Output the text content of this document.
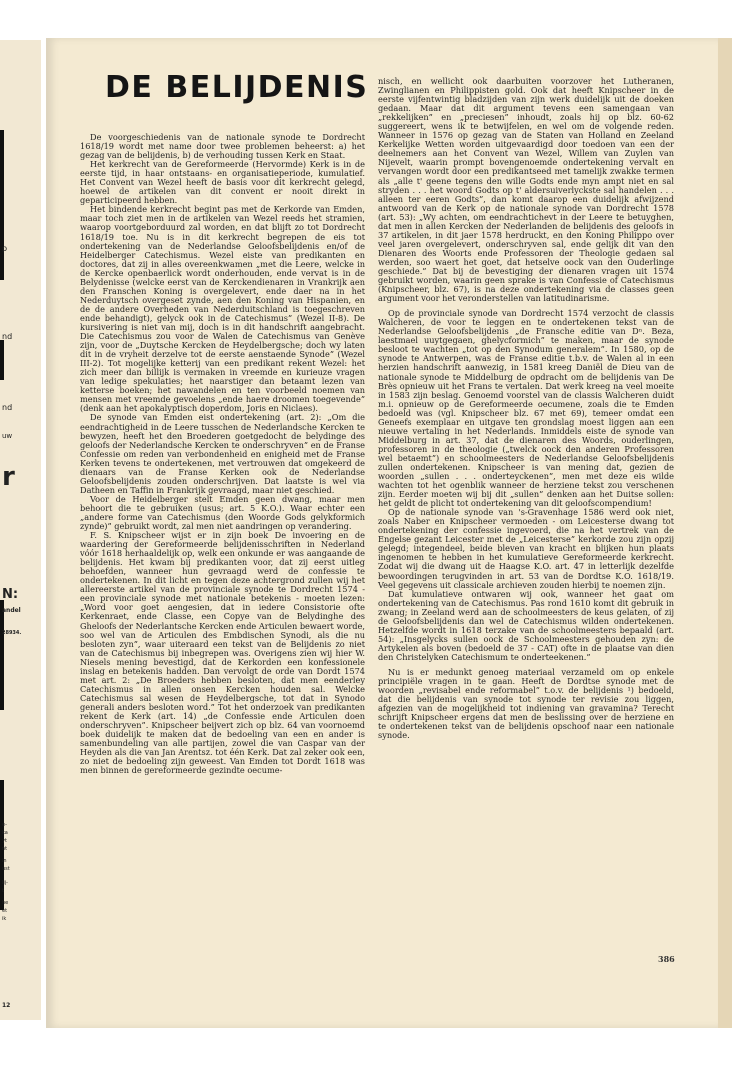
p
nd
nd
uw
r
N:
andel
28934.
e-
ka
yt
nt
in
ust
lij-
t
he
et
ik
12
DE BELIJDENIS

De voorgeschiedenis van de nationale synode te Dordrecht 1618/19 wordt met name door twee problemen beheerst: a) het gezag van de belijdenis, b) de verhouding tussen Kerk en Staat.

Het kerkrecht van de Gereformeerde (Hervormde) Kerk is in de eerste tijd, in haar ontstaans- en organisatieperiode, kumulatief. Het Convent van Wezel heeft de basis voor dit kerkrecht gelegd, hoewel de artikelen van dit convent er nooit direkt in geparticipeerd hebben.

Het bindende kerkrecht begint pas met de Kerkorde van Emden, maar toch ziet men in de artikelen van Wezel reeds het stramien, waarop voortgeborduurd zal worden, en dat blijft zo tot Dordrecht 1618/19 toe. Nu is in dit kerkrecht begrepen de eis tot ondertekening van de Nederlandse Geloofsbelijdenis en/of de Heidelberger Catechismus. Wezel eiste van predikanten en doctores, dat zij in alles overeenkwamen „met die Leere, welcke in de Kercke openbaerlick wordt onderhouden, ende vervat is in de Belydenisse (welcke eerst van de Kerckendienaren in Vrankrijk aen den Franschen Koning is overgelevert, ende daer na in het Nederduytsch overgeset zynde, aen den Koning van Hispanien, en de de andere Overheden van Nederduitschland is toegeschreven ende behandigt), gelyck ook in de Catechismus” (Wezel II-8). De kursivering is niet van mij, doch is in dit handschrift aangebracht. Die Catechismus zou voor de Walen de Catechismus van Genève zijn, voor de „Duytsche Kercken de Heydelbergsche; doch wy laten dit in de vryheit derzelve tot de eerste aenstaende Synode” (Wezel III-2). Tot mogelijke ketterij van een predikant rekent Wezel: het zich meer dan billijk is vermaken in vreemde en kurieuze vragen van ledige spekulaties; het naarstiger dan betaamt lezen van ketterse boeken; het nawandelen en ten voorbeeld noemen van mensen met vreemde gevoelens „ende haere droomen toegevende” (denk aan het apokalyptisch doperdom, Joris en Niclaes).

De synode van Emden eist ondertekening (art. 2): „Om die eendrachtigheid in de Leere tusschen de Nederlandsche Kercken te bewyzen, heeft het den Broederen goetgedocht de belydinge des geloofs der Nederlandsche Kercken te onderschryven” en de Franse Confessie om reden van verbondenheid en enigheid met de Franse Kerken tevens te ondertekenen, met vertrouwen dat omgekeerd de dienaars van de Franse Kerken ook de Nederlandse Geloofsbelijdenis zouden onderschrijven. Dat laatste is wel via Datheen en Taffin in Frankrijk gevraagd, maar niet geschied.

Voor de Heidelberger stelt Emden geen dwang, maar men behoort die te gebruiken (usus; art. 5 K.O.). Waar echter een „andere forme van Catechismus (den Woorde Gods gelykformich zynde)” gebruikt wordt, zal men niet aandringen op verandering.

F. S. Knipscheer wijst er in zijn boek De invoering en de waardering der Gereformeerde belijdenisschriften in Nederland vóór 1618 herhaaldelijk op, welk een onkunde er was aangaande de belijdenis. Het kwam bij predikanten voor, dat zij eerst uitleg behoefden, wanneer hun gevraagd werd de confessie te ondertekenen. In dit licht en tegen deze achtergrond zullen wij het allereerste artikel van de provinciale synode te Dordrecht 1574 - een provinciale synode met nationale betekenis - moeten lezen: „Word voor goet aengesien, dat in iedere Consistorie ofte Kerkenraet, ende Classe, een Copye van de Belydinghe des Gheloofs der Nederlantsche Kercken ende Articulen bewaert worde, soo wel van de Articulen des Embdischen Synodi, als die nu besloten zyn”, waar uiteraard een tekst van de Belijdenis zo niet van de Catechismus bij inbegrepen was. Overigens zien wij hier W. Niesels mening bevestigd, dat de Kerkorden een konfessionele inslag en betekenis hadden. Dan vervolgt de orde van Dordt 1574 met art. 2: „De Broeders hebben besloten, dat men eenderley Catechismus in allen onsen Kercken houden sal. Welcke Catechismus sal wesen de Heydelbergsche, tot dat in Synodo generali anders besloten word.” Tot het onderzoek van predikanten rekent de Kerk (art. 14) „de Confessie ende Articulen doen onderschryven”. Knipscheer beijvert zich op blz. 64 van voornoemd boek duidelijk te maken dat de bedoeling van een en ander is samenbundeling van alle partijen, zowel die van Caspar van der Heyden als die van Jan Arentsz. tot één Kerk. Dat zal zeker ook een, zo niet de bedoeling zijn geweest. Van Emden tot Dordt 1618 was men binnen de gereformeerde gezindte oecume-

nisch, en wellicht ook daarbuiten voorzover het Lutheranen, Zwinglianen en Philippisten gold. Ook dat heeft Knipscheer in de eerste vijfentwintig bladzijden van zijn werk duidelijk uit de doeken gedaan. Maar dat dit argument tevens een samengaan van „rekkelijken” en „preciesen” inhoudt, zoals hij op blz. 60-62 suggereert, wens ik te betwijfelen, en wel om de volgende reden. Wanneer in 1576 op gezag van de Staten van Holland en Zeeland Kerkelijke Wetten worden uitgevaardigd door toedoen van een der deelnemers aan het Convent van Wezel, Willem van Zuylen van Nijevelt, waarin prompt bovengenoemde ondertekening vervalt en vervangen wordt door een predikantseed met tamelijk zwakke termen als „alle t' geene tegens den wille Godts ende myn ampt niet en sal stryden . . . het woord Godts op t' aldersuiverlyckste sal handelen . . . alleen ter eeren Godts”, dan komt daarop een duidelijk afwijzend antwoord van de Kerk op de nationale synode van Dordrecht 1578 (art. 53): „Wy achten, om eendrachtichevt in der Leere te betuyghen, dat men in allen Kercken der Nederlanden de belijdenis des geloofs in 37 artikelen, in dit jaer 1578 herdruckt, en den Koning Philippo over veel jaren overgelevert, onderschryven sal, ende gelijk dit van den Dienaren des Woorts ende Professoren der Theologie gedaen sal werden, soo waert het goet, dat hetselve oock van den Ouderlinge geschiede.” Dat bij de bevestiging der dienaren vragen uit 1574 gebruikt worden, waarin geen sprake is van Confessie of Catechismus (Knipscheer, blz. 67), is na deze ondertekening via de classes geen argument voor het veronderstellen van latitudinarisme.

Op de provinciale synode van Dordrecht 1574 verzocht de classis Walcheren, de voor te leggen en te ondertekenen tekst van de Nederlandse Geloofsbelijdenis „de Fransche editie van Dⁿ. Beza, laestmael uuytgegaen, ghelycformich” te maken, maar de synode besloot te wachten „tot op den Synodum generalem”. In 1580, op de synode te Antwerpen, was de Franse editie t.b.v. de Walen al in een herzien handschrift aanwezig, in 1581 kreeg Daniël de Dieu van de nationale synode te Middelburg de opdracht om de belijdenis van De Brès opnieuw uit het Frans te vertalen. Dat werk kreeg na veel moeite in 1583 zijn beslag. Genoemd voorstel van de classis Walcheren duidt m.i. opnieuw op de Gereformeerde oecumene, zoals die te Emden bedoeld was (vgl. Knipscheer blz. 67 met 69), temeer omdat een Geneefs exemplaar en uitgave ten grondslag moest liggen aan een nieuwe vertaling in het Nederlands. Inmiddels eiste de synode van Middelburg in art. 37, dat de dienaren des Woords, ouderlingen, professoren in de theologie („twelck oock den anderen Professoren wel betaemt”) en schoolmeesters de Nederlandse Geloofsbelijdenis zullen ondertekenen. Knipscheer is van mening dat, gezien de woorden „sullen . . . onderteyckenen”, men met deze eis wilde wachten tot het ogenblik wanneer de herziene tekst zou verschenen zijn. Eerder moeten wij bij dit „sullen” denken aan het Duitse sollen: het geldt de plicht tot ondertekening van dit geloofscompendium!

Op de nationale synode van 's-Gravenhage 1586 werd ook niet, zoals Naber en Knipscheer vermoeden - om Leicesterse dwang tot ondertekening der confessie ingevoerd, die na het vertrek van de Engelse gezant Leicester met de „Leicesterse” kerkorde zou zijn opzij gelegd; integendeel, beide bleven van kracht en blijken hun plaats ingenomen te hebben in het kumulatieve Gereformeerde kerkrecht. Zodat wij die dwang uit de Haagse K.O. art. 47 in letterlijk dezelfde bewoordingen terugvinden in art. 53 van de Dordtse K.O. 1618/19. Veel gegevens uit classicale archieven zouden hierbij te noemen zijn.

Dat kumulatieve ontwaren wij ook, wanneer het gaat om ondertekening van de Catechismus. Pas rond 1610 komt dit gebruik in zwang; in Zeeland werd aan de schoolmeesters de keus gelaten, of zij de Geloofsbelijdenis dan wel de Catechismus wilden ondertekenen. Hetzelfde wordt in 1618 terzake van de schoolmeesters bepaald (art. 54): „Insgelycks sullen oock de Schoolmeesters gehouden zyn: de Artykelen als boven (bedoeld de 37 - CAT) ofte in de plaatse van dien den Christelyken Catechismum te onderteekenen.”

Nu is er medunkt genoeg materiaal verzameld om op enkele principiële vragen in te gaan. Heeft de Dordtse synode met de woorden „revisabel ende reformabel” t.o.v. de belijdenis ¹) bedoeld, dat die belijdenis van synode tot synode ter revisie zou liggen, afgezien van de mogelijkheid tot indiening van gravamina? Terecht schrijft Knipscheer ergens dat men de beslissing over de herziene en te ondertekenen tekst van de belijdenis opschoof naar een nationale synode.

386
